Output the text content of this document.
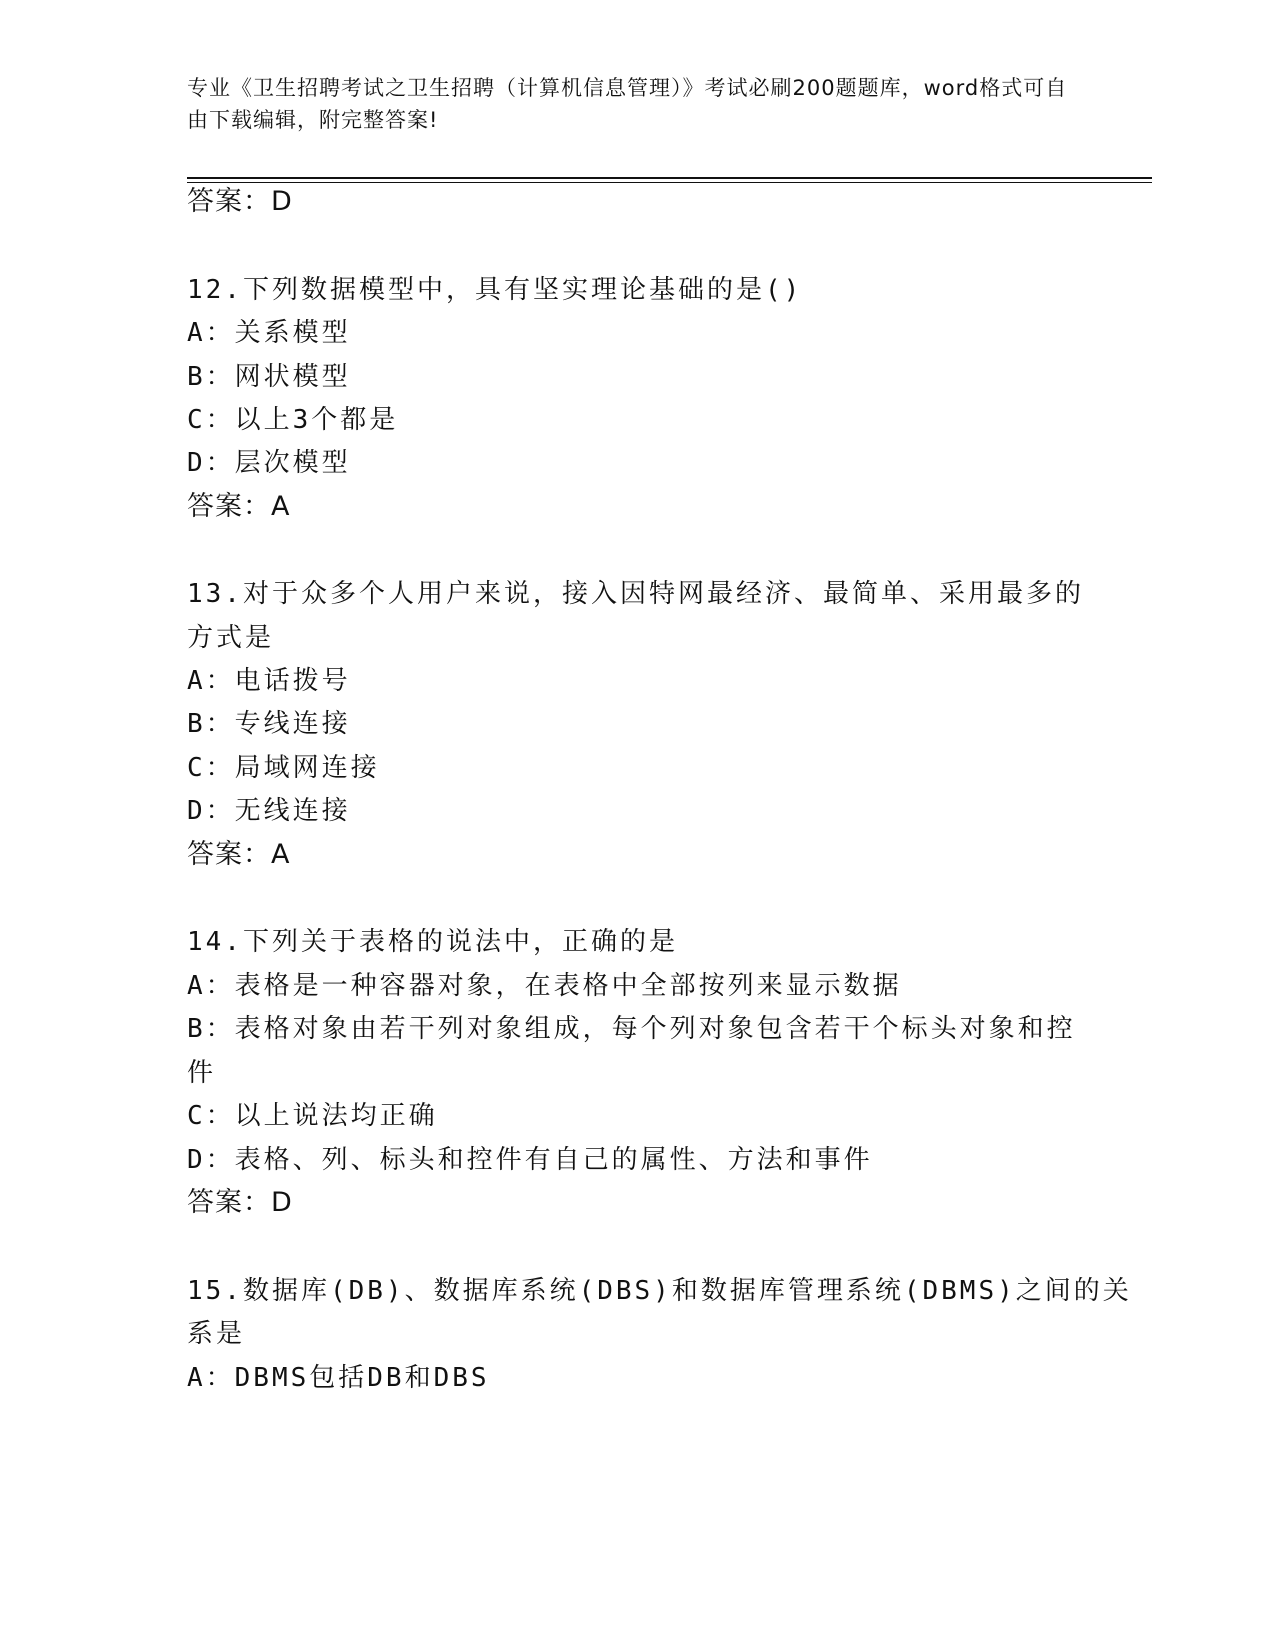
专业《卫生招聘考试之卫生招聘（计算机信息管理）》考试必刷200题题库，word格式可自由下载编辑，附完整答案!
答案：D
12.下列数据模型中，具有坚实理论基础的是()
A：关系模型
B：网状模型
C：以上3个都是
D：层次模型
答案：A
13.对于众多个人用户来说，接入因特网最经济、最简单、采用最多的
方式是
A：电话拨号
B：专线连接
C：局域网连接
D：无线连接
答案：A
14.下列关于表格的说法中，正确的是
A：表格是一种容器对象，在表格中全部按列来显示数据
B：表格对象由若干列对象组成，每个列对象包含若干个标头对象和控
件
C：以上说法均正确
D：表格、列、标头和控件有自己的属性、方法和事件
答案：D
15.数据库(DB)、数据库系统(DBS)和数据库管理系统(DBMS)之间的关
系是
A：DBMS包括DB和DBS
